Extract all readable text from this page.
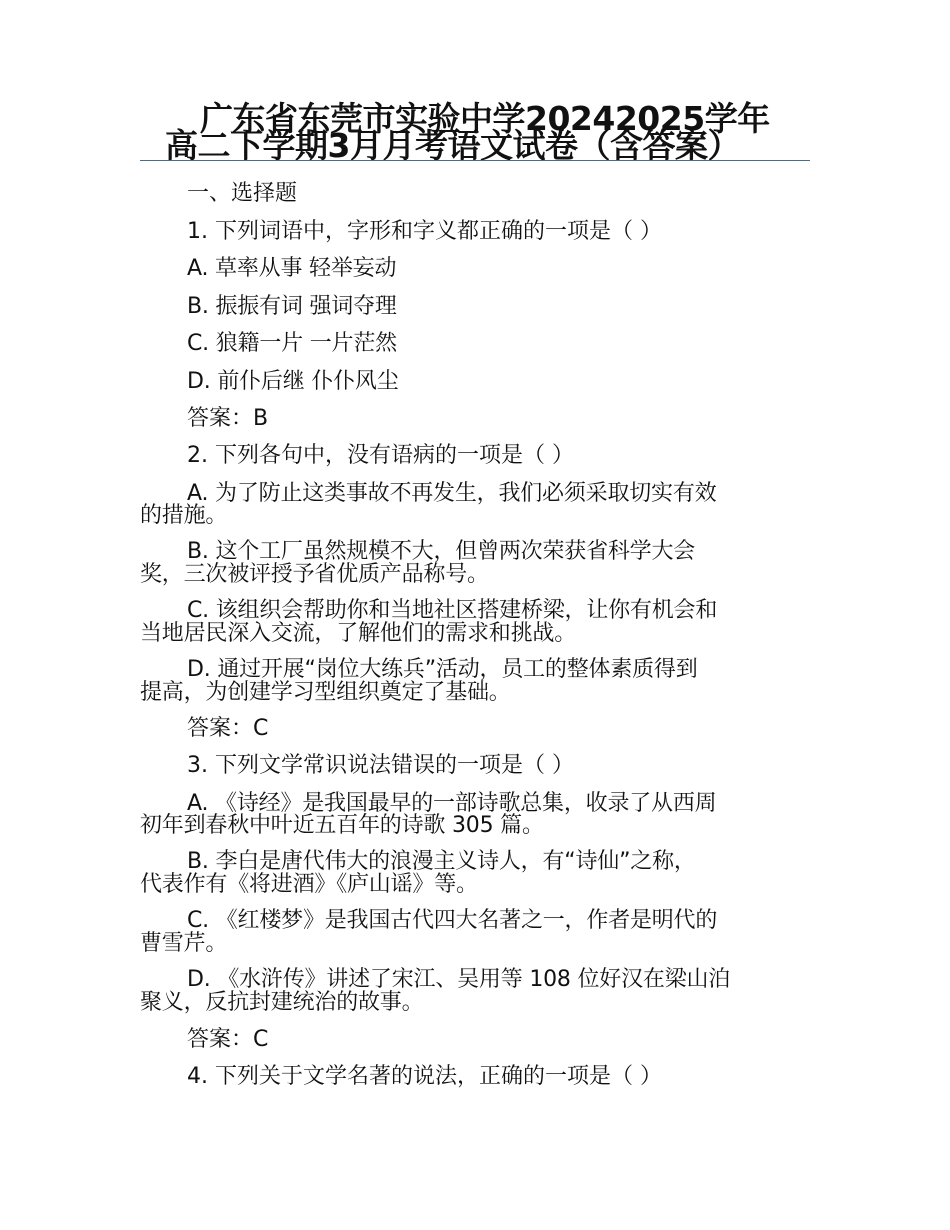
广东省东莞市实验中学20242025学年
高二下学期3月月考语文试卷（含答案）
一、选择题
1. 下列词语中，字形和字义都正确的一项是（ ）
A. 草率从事 轻举妄动
B. 振振有词 强词夺理
C. 狼籍一片 一片茫然
D. 前仆后继 仆仆风尘
答案：B
2. 下列各句中，没有语病的一项是（ ）
A. 为了防止这类事故不再发生，我们必须采取切实有效
的措施。
B. 这个工厂虽然规模不大，但曾两次荣获省科学大会
奖，三次被评授予省优质产品称号。
C. 该组织会帮助你和当地社区搭建桥梁，让你有机会和
当地居民深入交流，了解他们的需求和挑战。
D. 通过开展“岗位大练兵”活动，员工的整体素质得到
提高，为创建学习型组织奠定了基础。
答案：C
3. 下列文学常识说法错误的一项是（ ）
A. 《诗经》是我国最早的一部诗歌总集，收录了从西周
初年到春秋中叶近五百年的诗歌 305 篇。
B. 李白是唐代伟大的浪漫主义诗人，有“诗仙”之称，
代表作有《将进酒》《庐山谣》等。
C. 《红楼梦》是我国古代四大名著之一，作者是明代的
曹雪芹。
D. 《水浒传》讲述了宋江、吴用等 108 位好汉在梁山泊
聚义，反抗封建统治的故事。
答案：C
4. 下列关于文学名著的说法，正确的一项是（ ）
